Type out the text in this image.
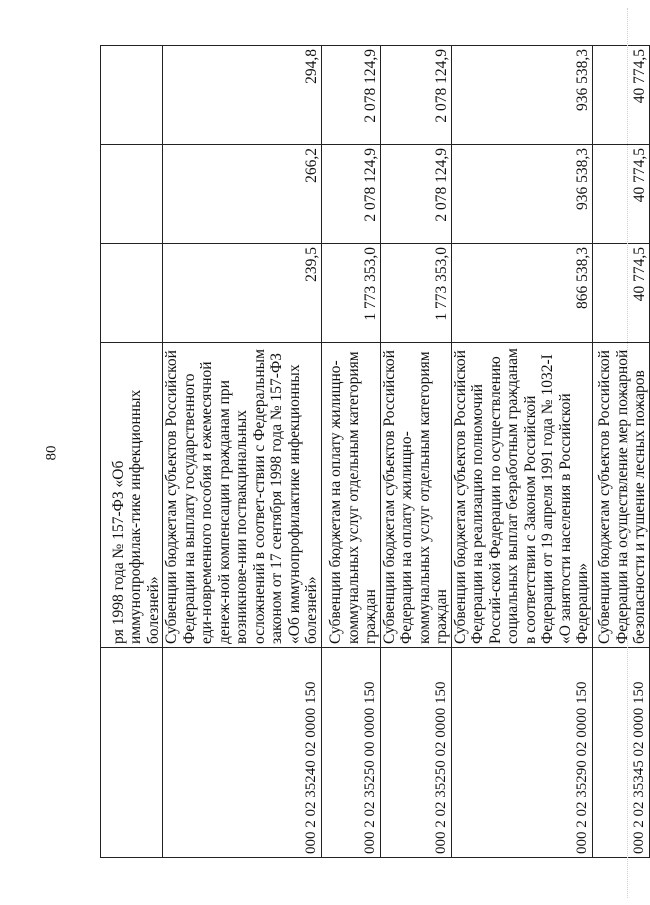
80
	ря 1998 года № 157-ФЗ «Об иммунопрофилак-тике инфекционных болезней»			
000 2 02 35240 02 0000 150	Субвенции бюджетам субъектов Российской Федерации на выплату государственного еди-новременного пособия и ежемесячной денеж-ной компенсации гражданам при возникнове-нии поствакцинальных осложнений в соответ-ствии с Федеральным законом от 17 сентября 1998 года № 157-ФЗ «Об иммунопрофилактике инфекционных болезней»	239,5	266,2	294,8
000 2 02 35250 00 0000 150	Субвенции бюджетам на оплату жилищно-коммунальных услуг отдельным категориям граждан	1 773 353,0	2 078 124,9	2 078 124,9
000 2 02 35250 02 0000 150	Субвенции бюджетам субъектов Российской Федерации на оплату жилищно-коммунальных услуг отдельным категориям граждан	1 773 353,0	2 078 124,9	2 078 124,9
000 2 02 35290 02 0000 150	Субвенции бюджетам субъектов Российской Федерации на реализацию полномочий Россий-ской Федерации по осуществлению социальных выплат безработным гражданам в соответствии с Законом Российской Федерации от 19 апреля 1991 года № 1032-I «О занятости населения в Российской Федерации»	866 538,3	936 538,3	936 538,3
000 2 02 35345 02 0000 150	Субвенции бюджетам субъектов Российской Федерации на осуществление мер пожарной безопасности и тушение лесных пожаров	40 774,5	40 774,5	40 774,5
